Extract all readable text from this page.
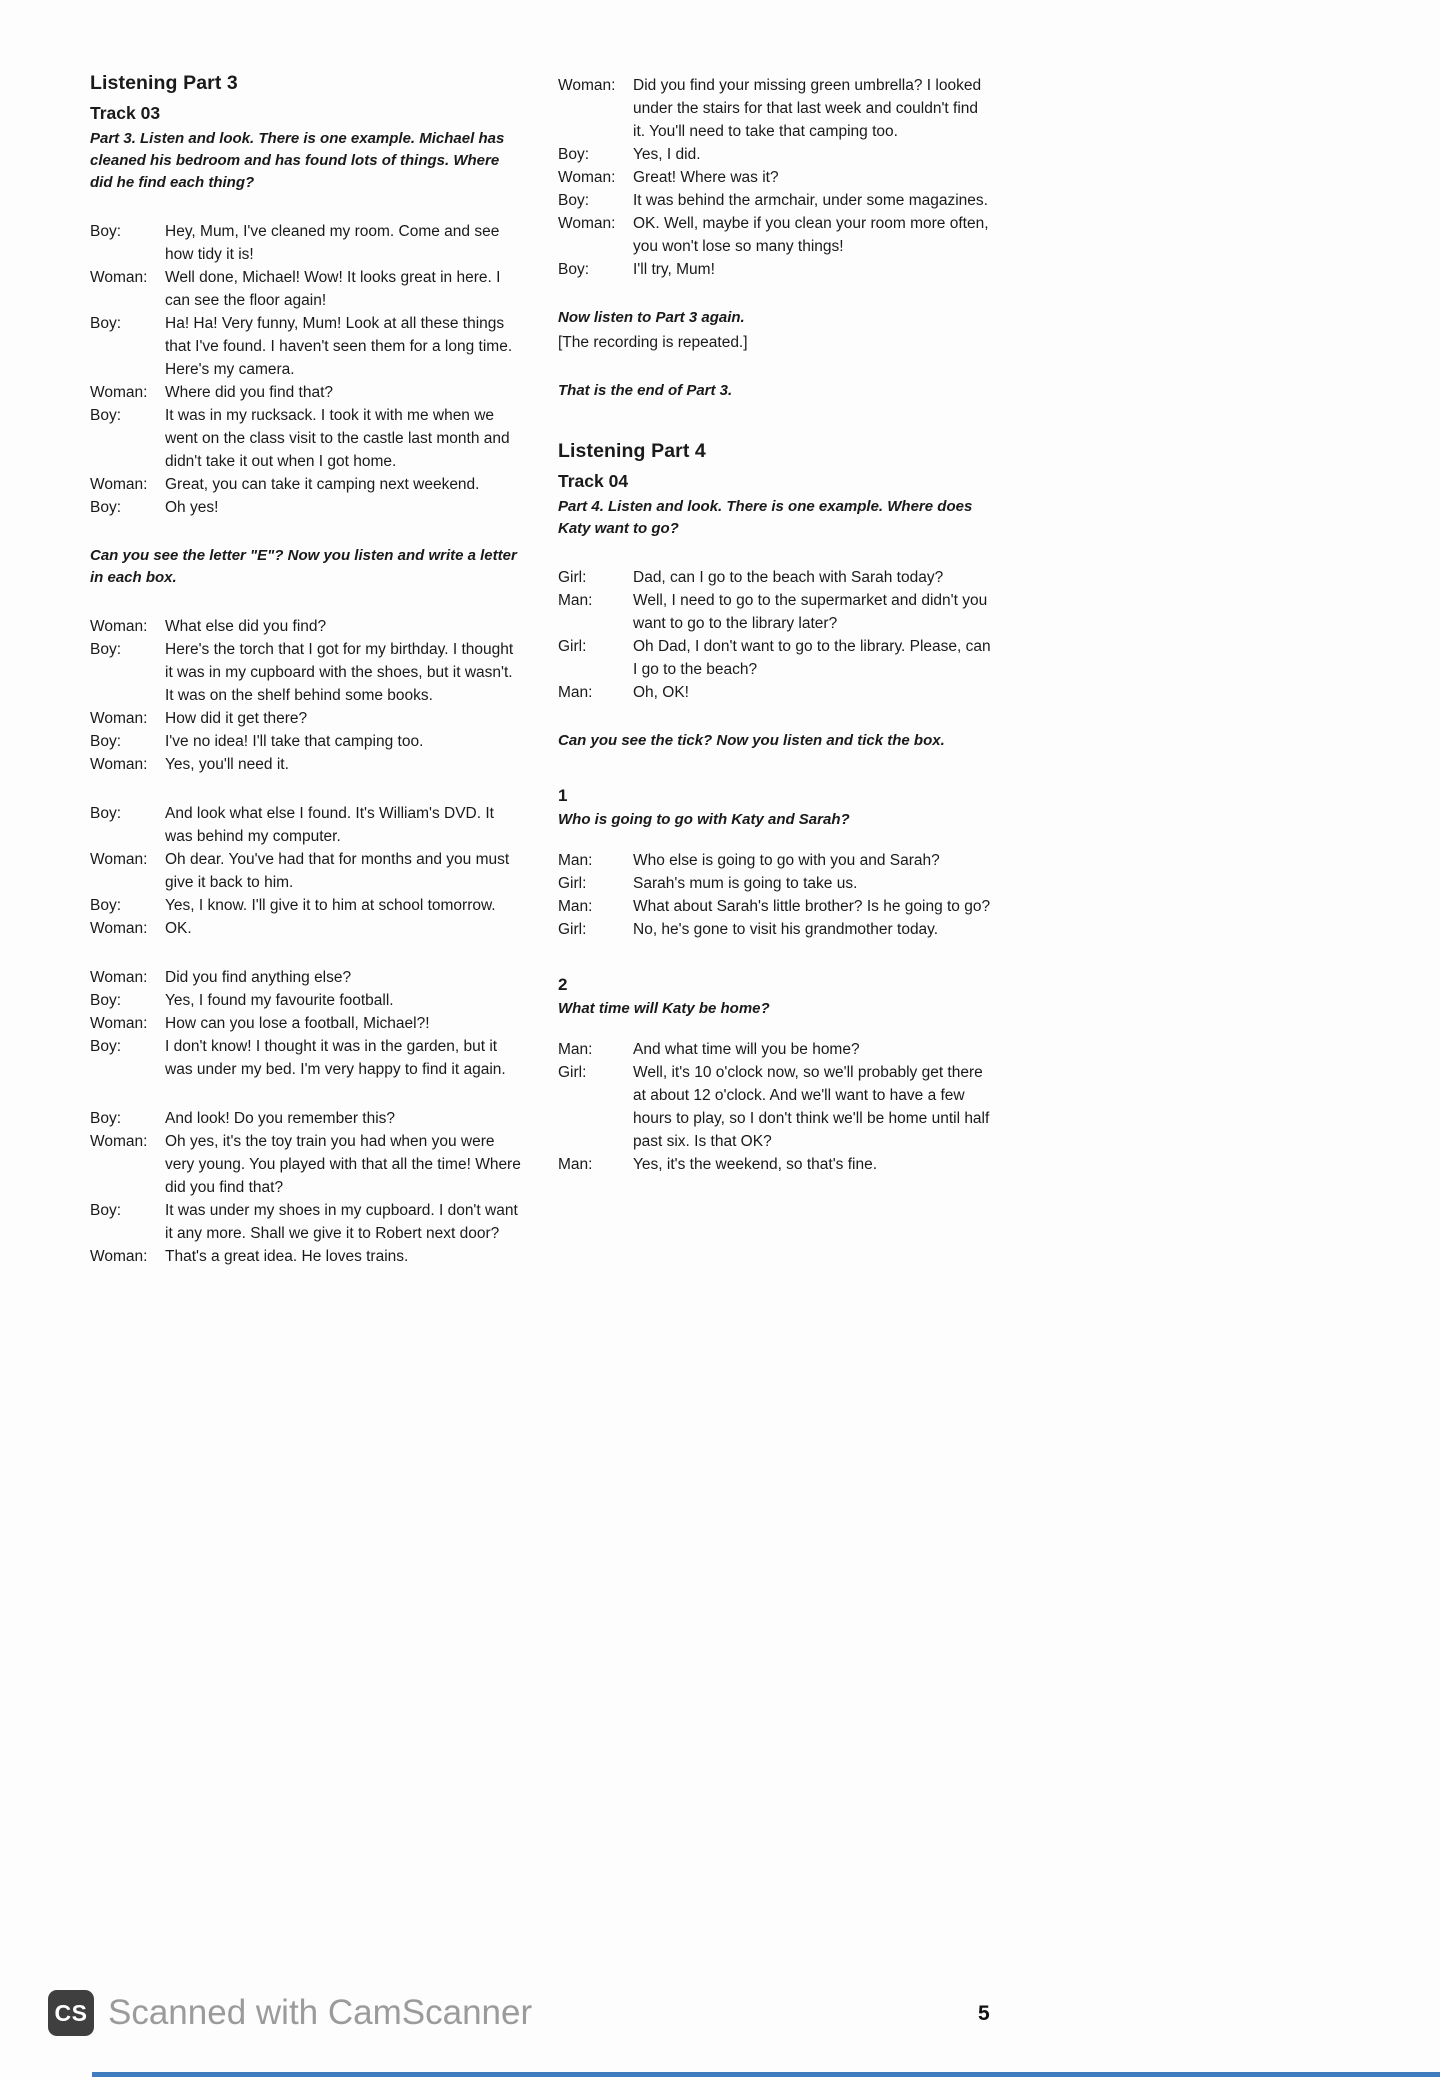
Listening Part 3
Track 03
Part 3. Listen and look. There is one example. Michael has cleaned his bedroom and has found lots of things. Where did he find each thing?
Boy:	Hey, Mum, I've cleaned my room. Come and see how tidy it is!
Woman:	Well done, Michael! Wow! It looks great in here. I can see the floor again!
Boy:	Ha! Ha! Very funny, Mum! Look at all these things that I've found. I haven't seen them for a long time. Here's my camera.
Woman:	Where did you find that?
Boy:	It was in my rucksack. I took it with me when we went on the class visit to the castle last month and didn't take it out when I got home.
Woman:	Great, you can take it camping next weekend.
Boy:	Oh yes!
Can you see the letter "E"? Now you listen and write a letter in each box.
Woman:	What else did you find?
Boy:	Here's the torch that I got for my birthday. I thought it was in my cupboard with the shoes, but it wasn't. It was on the shelf behind some books.
Woman:	How did it get there?
Boy:	I've no idea! I'll take that camping too.
Woman:	Yes, you'll need it.
Boy:	And look what else I found. It's William's DVD. It was behind my computer.
Woman:	Oh dear. You've had that for months and you must give it back to him.
Boy:	Yes, I know. I'll give it to him at school tomorrow.
Woman:	OK.
Woman:	Did you find anything else?
Boy:	Yes, I found my favourite football.
Woman:	How can you lose a football, Michael?!
Boy:	I don't know! I thought it was in the garden, but it was under my bed. I'm very happy to find it again.
Boy:	And look! Do you remember this?
Woman:	Oh yes, it's the toy train you had when you were very young. You played with that all the time! Where did you find that?
Boy:	It was under my shoes in my cupboard. I don't want it any more. Shall we give it to Robert next door?
Woman:	That's a great idea. He loves trains.
Woman:	Did you find your missing green umbrella? I looked under the stairs for that last week and couldn't find it. You'll need to take that camping too.
Boy:	Yes, I did.
Woman:	Great! Where was it?
Boy:	It was behind the armchair, under some magazines.
Woman:	OK. Well, maybe if you clean your room more often, you won't lose so many things!
Boy:	I'll try, Mum!
Now listen to Part 3 again.
[The recording is repeated.]
That is the end of Part 3.
Listening Part 4
Track 04
Part 4. Listen and look. There is one example. Where does Katy want to go?
Girl:	Dad, can I go to the beach with Sarah today?
Man:	Well, I need to go to the supermarket and didn't you want to go to the library later?
Girl:	Oh Dad, I don't want to go to the library. Please, can I go to the beach?
Man:	Oh, OK!
Can you see the tick? Now you listen and tick the box.
1
Who is going to go with Katy and Sarah?
Man:	Who else is going to go with you and Sarah?
Girl:	Sarah's mum is going to take us.
Man:	What about Sarah's little brother? Is he going to go?
Girl:	No, he's gone to visit his grandmother today.
2
What time will Katy be home?
Man:	And what time will you be home?
Girl:	Well, it's 10 o'clock now, so we'll probably get there at about 12 o'clock. And we'll want to have a few hours to play, so I don't think we'll be home until half past six. Is that OK?
Man:	Yes, it's the weekend, so that's fine.
CS Scanned with CamScanner	5
